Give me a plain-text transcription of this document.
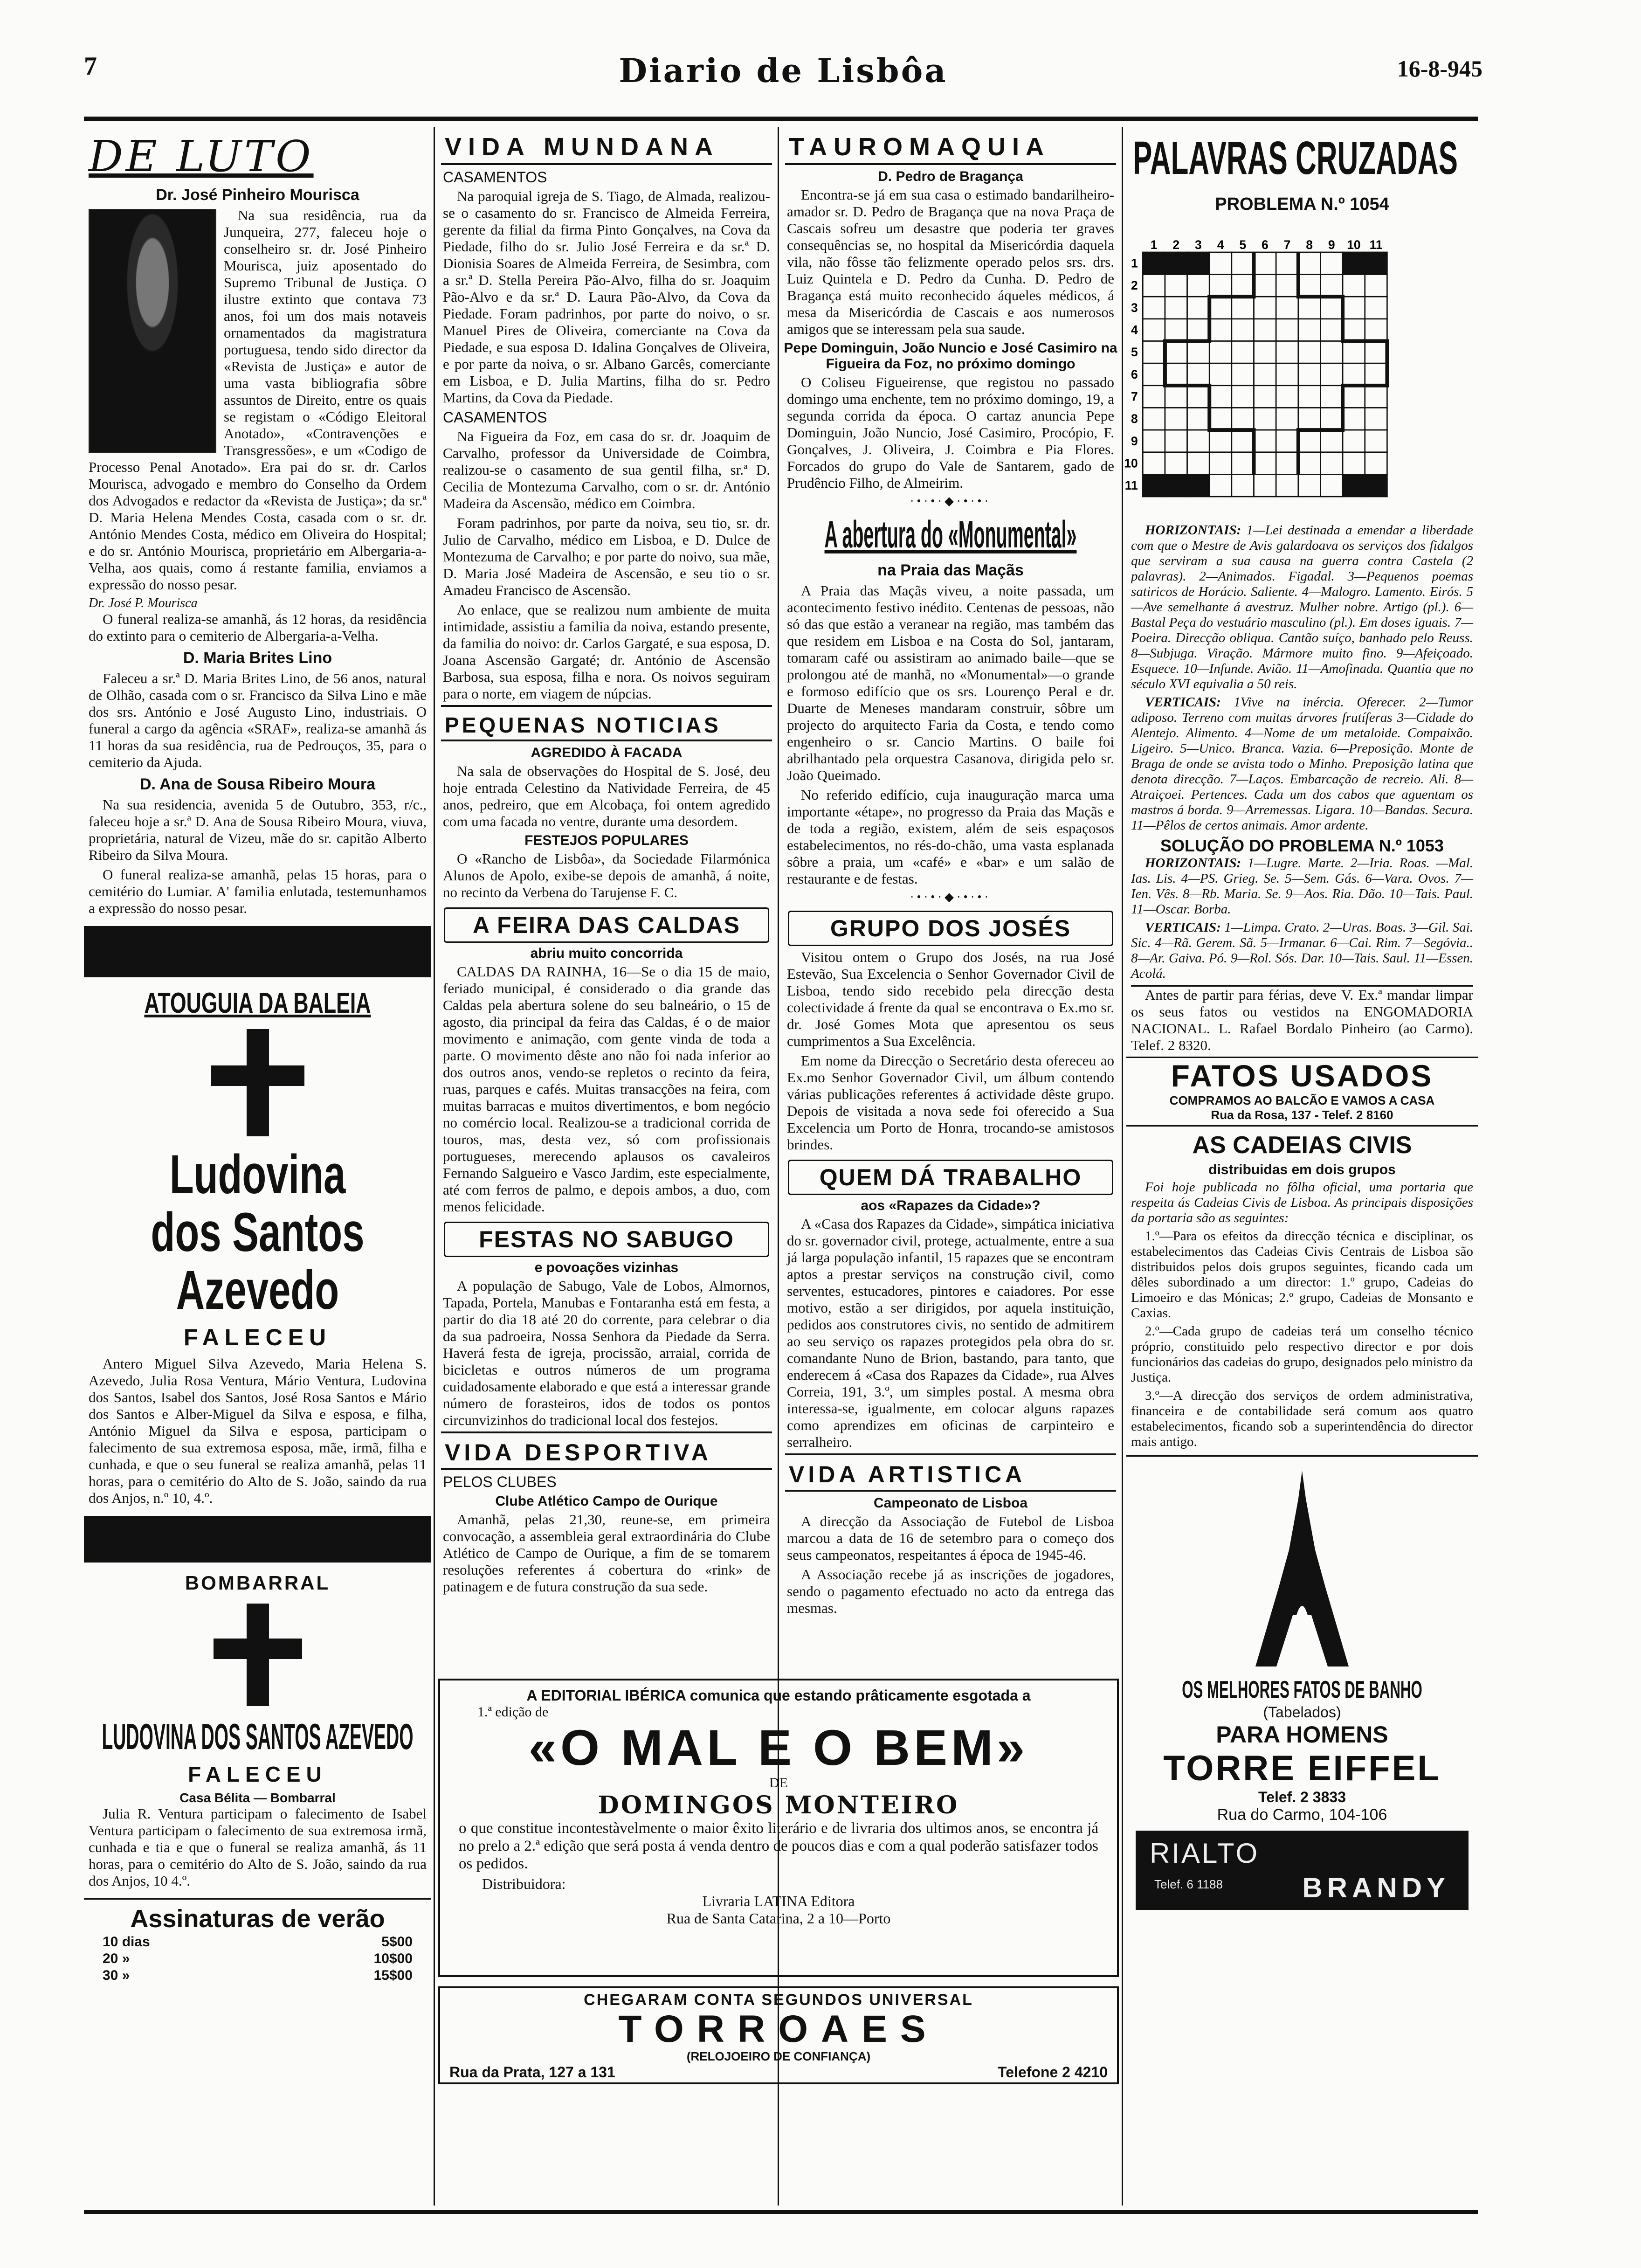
7	Diario de Lisbôa	16-8-945
DE LUTO
Dr. José Pinheiro Mourisca

Na sua residência, rua da Junqueira, 277, faleceu hoje o conselheiro sr. dr. José Pinheiro Mourisca, juiz aposentado do Supremo Tribunal de Justiça. O ilustre extinto que contava 73 anos, foi um dos mais notaveis ornamentados da magistratura portuguesa, tendo sido director da «Revista de Justiça» e autor de uma vasta bibliografia sôbre assuntos de Direito, entre os quais se registam o «Código Eleitoral Anotado», «Contravenções e Transgressões», e um «Codigo de Processo Penal Anotado». Era pai do sr. dr. Carlos Mourisca, advogado e membro do Conselho da Ordem dos Advogados e redactor da «Revista de Justiça»; da sr.ª D. Maria Helena Mendes Costa, casada com o sr. dr. António Mendes Costa, médico em Oliveira do Hospital; e do sr. António Mourisca, proprietário em Albergaria-a-Velha, aos quais, como á restante familia, enviamos a expressão do nosso pesar.

Dr. José P. Mourisca

O funeral realiza-se amanhã, ás 12 horas, da residência do extinto para o cemiterio de Albergaria-a-Velha.

D. Maria Brites Lino

Faleceu a sr.ª D. Maria Brites Lino, de 56 anos, natural de Olhão, casada com o sr. Francisco da Silva Lino e mãe dos srs. António e José Augusto Lino, industriais. O funeral a cargo da agência «SRAF», realiza-se amanhã ás 11 horas da sua residência, rua de Pedrouços, 35, para o cemiterio da Ajuda.

D. Ana de Sousa Ribeiro Moura

Na sua residencia, avenida 5 de Outubro, 353, r/c., faleceu hoje a sr.ª D. Ana de Sousa Ribeiro Moura, viuva, proprietária, natural de Vizeu, mãe do sr. capitão Alberto Ribeiro da Silva Moura.

O funeral realiza-se amanhã, pelas 15 horas, para o cemitério do Lumiar. A' familia enlutada, testemunhamos a expressão do nosso pesar.

ATOUGUIA DA BALEIA
Ludovina dos Santos
Azevedo
FALECEU

Antero Miguel Silva Azevedo, Maria Helena S. Azevedo, Julia Rosa Ventura, Mário Ventura, Ludovina dos Santos, Isabel dos Santos, José Rosa Santos e Mário dos Santos e Alber-Miguel da Silva e esposa, e filha, António Miguel da Silva e esposa, participam o falecimento de sua extremosa esposa, mãe, irmã, filha e cunhada, e que o seu funeral se realiza amanhã, pelas 11 horas, para o cemitério do Alto de S. João, saindo da rua dos Anjos, n.º 10, 4.º.

BOMBARRAL
LUDOVINA DOS SANTOS AZEVEDO
FALECEU
Casa Bélita — Bombarral

Julia R. Ventura participam o falecimento de Isabel Ventura participam o falecimento de sua extremosa irmã, cunhada e tia e que o funeral se realiza amanhã, ás 11 horas, para o cemitério do Alto de S. João, saindo da rua dos Anjos, 10 4.º.

Assinaturas de verão
10 dias	5$00
20 »	10$00
30 »	15$00
VIDA MUNDANA
CASAMENTOS

Na paroquial igreja de S. Tiago, de Almada, realizou-se o casamento do sr. Francisco de Almeida Ferreira, gerente da filial da firma Pinto Gonçalves, na Cova da Piedade, filho do sr. Julio José Ferreira e da sr.ª D. Dionisia Soares de Almeida Ferreira, de Sesimbra, com a sr.ª D. Stella Pereira Pão-Alvo, filha do sr. Joaquim Pão-Alvo e da sr.ª D. Laura Pão-Alvo, da Cova da Piedade. Foram padrinhos, por parte do noivo, o sr. Manuel Pires de Oliveira, comerciante na Cova da Piedade, e sua esposa D. Idalina Gonçalves de Oliveira, e por parte da noiva, o sr. Albano Garcês, comerciante em Lisboa, e D. Julia Martins, filha do sr. Pedro Martins, da Cova da Piedade.

CASAMENTOS

Na Figueira da Foz, em casa do sr. dr. Joaquim de Carvalho, professor da Universidade de Coimbra, realizou-se o casamento de sua gentil filha, sr.ª D. Cecilia de Montezuma Carvalho, com o sr. dr. António Madeira da Ascensão, médico em Coimbra.

Foram padrinhos, por parte da noiva, seu tio, sr. dr. Julio de Carvalho, médico em Lisboa, e D. Dulce de Montezuma de Carvalho; e por parte do noivo, sua mãe, D. Maria José Madeira de Ascensão, e seu tio o sr. Amadeu Francisco de Ascensão.

Ao enlace, que se realizou num ambiente de muita intimidade, assistiu a familia da noiva, estando presente, da familia do noivo: dr. Carlos Gargaté, e sua esposa, D. Joana Ascensão Gargaté; dr. António de Ascensão Barbosa, sua esposa, filha e nora. Os noivos seguiram para o norte, em viagem de núpcias.

PEQUENAS NOTICIAS
AGREDIDO À FACADA

Na sala de observações do Hospital de S. José, deu hoje entrada Celestino da Natividade Ferreira, de 45 anos, pedreiro, que em Alcobaça, foi ontem agredido com uma facada no ventre, durante uma desordem.

FESTEJOS POPULARES

O «Rancho de Lisbôa», da Sociedade Filarmónica Alunos de Apolo, exibe-se depois de amanhã, á noite, no recinto da Verbena do Tarujense F. C.

A FEIRA DAS CALDAS
abriu muito concorrida

CALDAS DA RAINHA, 16—Se o dia 15 de maio, feriado municipal, é considerado o dia grande das Caldas pela abertura solene do seu balneário, o 15 de agosto, dia principal da feira das Caldas, é o de maior movimento e animação, com gente vinda de toda a parte. O movimento dêste ano não foi nada inferior ao dos outros anos, vendo-se repletos o recinto da feira, ruas, parques e cafés. Muitas transacções na feira, com muitas barracas e muitos divertimentos, e bom negócio no comércio local. Realizou-se a tradicional corrida de touros, mas, desta vez, só com profissionais portugueses, merecendo aplausos os cavaleiros Fernando Salgueiro e Vasco Jardim, este especialmente, até com ferros de palmo, e depois ambos, a duo, com menos felicidade.

FESTAS NO SABUGO
e povoações vizinhas

A população de Sabugo, Vale de Lobos, Almornos, Tapada, Portela, Manubas e Fontaranha está em festa, a partir do dia 18 até 20 do corrente, para celebrar o dia da sua padroeira, Nossa Senhora da Piedade da Serra. Haverá festa de igreja, procissão, arraial, corrida de bicicletas e outros números de um programa cuidadosamente elaborado e que está a interessar grande número de forasteiros, idos de todos os pontos circunvizinhos do tradicional local dos festejos.

VIDA DESPORTIVA
PELOS CLUBES
Clube Atlético Campo de Ourique

Amanhã, pelas 21,30, reune-se, em primeira convocação, a assembleia geral extraordinária do Clube Atlético de Campo de Ourique, a fim de se tomarem resoluções referentes á cobertura do «rink» de patinagem e de futura construção da sua sede.

TAUROMAQUIA
D. Pedro de Bragança

Encontra-se já em sua casa o estimado bandarilheiro-amador sr. D. Pedro de Bragança que na nova Praça de Cascais sofreu um desastre que poderia ter graves consequências se, no hospital da Misericórdia daquela vila, não fôsse tão felizmente operado pelos srs. drs. Luiz Quintela e D. Pedro da Cunha. D. Pedro de Bragança está muito reconhecido áqueles médicos, á mesa da Misericórdia de Cascais e aos numerosos amigos que se interessam pela sua saude.

Pepe Dominguin, João Nuncio e José Casimiro na Figueira da Foz, no próximo domingo

O Coliseu Figueirense, que registou no passado domingo uma enchente, tem no próximo domingo, 19, a segunda corrida da época. O cartaz anuncia Pepe Dominguin, João Nuncio, José Casimiro, Procópio, F. Gonçalves, J. Oliveira, J. Coimbra e Pia Flores. Forcados do grupo do Vale de Santarem, gado de Prudêncio Filho, de Almeirim.

·•·•·◆·•·•·
A abertura do «Monumental»
na Praia das Maçãs

A Praia das Maçãs viveu, a noite passada, um acontecimento festivo inédito. Centenas de pessoas, não só das que estão a veranear na região, mas também das que residem em Lisboa e na Costa do Sol, jantaram, tomaram café ou assistiram ao animado baile—que se prolongou até de manhã, no «Monumental»—o grande e formoso edifício que os srs. Lourenço Peral e dr. Duarte de Meneses mandaram construir, sôbre um projecto do arquitecto Faria da Costa, e tendo como engenheiro o sr. Cancio Martins. O baile foi abrilhantado pela orquestra Casanova, dirigida pelo sr. João Queimado.

No referido edifício, cuja inauguração marca uma importante «étape», no progresso da Praia das Maçãs e de toda a região, existem, além de seis espaçosos estabelecimentos, no rés-do-chão, uma vasta esplanada sôbre a praia, um «café» e «bar» e um salão de restaurante e de festas.

·•·•·◆·•·•·
GRUPO DOS JOSÉS

Visitou ontem o Grupo dos Josés, na rua José Estevão, Sua Excelencia o Senhor Governador Civil de Lisboa, tendo sido recebido pela direcção desta colectividade á frente da qual se encontrava o Ex.mo sr. dr. José Gomes Mota que apresentou os seus cumprimentos a Sua Excelência.

Em nome da Direcção o Secretário desta ofereceu ao Ex.mo Senhor Governador Civil, um álbum contendo várias publicações referentes á actividade dêste grupo. Depois de visitada a nova sede foi oferecido a Sua Excelencia um Porto de Honra, trocando-se amistosos brindes.

QUEM DÁ TRABALHO
aos «Rapazes da Cidade»?

A «Casa dos Rapazes da Cidade», simpática iniciativa do sr. governador civil, protege, actualmente, entre a sua já larga população infantil, 15 rapazes que se encontram aptos a prestar serviços na construção civil, como serventes, estucadores, pintores e caiadores. Por esse motivo, estão a ser dirigidos, por aquela instituição, pedidos aos construtores civis, no sentido de admitirem ao seu serviço os rapazes protegidos pela obra do sr. comandante Nuno de Brion, bastando, para tanto, que enderecem á «Casa dos Rapazes da Cidade», rua Alves Correia, 191, 3.º, um simples postal. A mesma obra interessa-se, igualmente, em colocar alguns rapazes como aprendizes em oficinas de carpinteiro e serralheiro.

VIDA ARTISTICA
Campeonato de Lisboa

A direcção da Associação de Futebol de Lisboa marcou a data de 16 de setembro para o começo dos seus campeonatos, respeitantes á época de 1945-46.

A Associação recebe já as inscrições de jogadores, sendo o pagamento efectuado no acto da entrega das mesmas.

A EDITORIAL IBÉRICA comunica que estando prâticamente esgotada a
1.ª edição de
«O MAL E O BEM»
DE
DOMINGOS MONTEIRO

o que constitue incontestàvelmente o maior êxito literário e de livraria dos ultimos anos, se encontra já no prelo a 2.ª edição que será posta á venda dentro de poucos dias e com a qual poderão satisfazer todos os pedidos.

Distribuidora:
Livraria LATINA Editora
Rua de Santa Catarina, 2 a 10—Porto
CHEGARAM CONTA SEGUNDOS UNIVERSAL
TORROAES
(RELOJOEIRO DE CONFIANÇA)
Rua da Prata, 127 a 131	Telefone 2 4210
PALAVRAS CRUZADAS
PROBLEMA N.º 1054
1
1
2
2
3
3
4
4
5
5
6
6
7
7
8
8
9
9
10
10
11
11

HORIZONTAIS: 1—Lei destinada a emendar a liberdade com que o Mestre de Avis galardoava os serviços dos fidalgos que serviram a sua causa na guerra contra Castela (2 palavras). 2—Animados. Figadal. 3—Pequenos poemas satiricos de Horácio. Saliente. 4—Malogro. Lamento. Eirós. 5—Ave semelhante á avestruz. Mulher nobre. Artigo (pl.). 6—Bastal Peça do vestuário masculino (pl.). Em doses iguais. 7—Poeira. Direcção obliqua. Cantão suíço, banhado pelo Reuss. 8—Subjuga. Viração. Mármore muito fino. 9—Afeiçoado. Esquece. 10—Infunde. Avião. 11—Amofinada. Quantia que no século XVI equivalia a 50 reis.

VERTICAIS: 1Vive na inércia. Oferecer. 2—Tumor adiposo. Terreno com muitas árvores frutíferas 3—Cidade do Alentejo. Alimento. 4—Nome de um metaloide. Compaixão. Ligeiro. 5—Unico. Branca. Vazia. 6—Preposição. Monte de Braga de onde se avista todo o Minho. Preposição latina que denota direcção. 7—Laços. Embarcação de recreio. Ali. 8—Atraiçoei. Pertences. Cada um dos cabos que aguentam os mastros á borda. 9—Arremessas. Ligara. 10—Bandas. Secura. 11—Pêlos de certos animais. Amor ardente.

SOLUÇÃO DO PROBLEMA N.º 1053

HORIZONTAIS: 1—Lugre. Marte. 2—Iria. Roas. —Mal. Ias. Lis. 4—PS. Grieg. Se. 5—Sem. Gás. 6—Vara. Ovos. 7—Ien. Vês. 8—Rb. Maria. Se. 9—Aos. Ria. Dão. 10—Tais. Paul. 11—Oscar. Borba.

VERTICAIS: 1—Limpa. Crato. 2—Uras. Boas. 3—Gil. Sai. Sic. 4—Rã. Gerem. Sã. 5—Irmanar. 6—Cai. Rim. 7—Segóvia.. 8—Ar. Gaiva. Pó. 9—Rol. Sós. Dar. 10—Tais. Saul. 11—Essen. Acolá.

Antes de partir para férias, deve V. Ex.ª mandar limpar os seus fatos ou vestidos na ENGOMADORIA NACIONAL. L. Rafael Bordalo Pinheiro (ao Carmo). Telef. 2 8320.

FATOS USADOS
COMPRAMOS AO BALCÃO E VAMOS A CASA
Rua da Rosa, 137 - Telef. 2 8160
AS CADEIAS CIVIS
distribuidas em dois grupos

Foi hoje publicada no fôlha oficial, uma portaria que respeita ás Cadeias Civis de Lisboa. As principais disposições da portaria são as seguintes:

1.º—Para os efeitos da direcção técnica e disciplinar, os estabelecimentos das Cadeias Civis Centrais de Lisboa são distribuidos pelos dois grupos seguintes, ficando cada um dêles subordinado a um director: 1.º grupo, Cadeias do Limoeiro e das Mónicas; 2.º grupo, Cadeias de Monsanto e Caxias.

2.º—Cada grupo de cadeias terá um conselho técnico próprio, constituido pelo respectivo director e por dois funcionários das cadeias do grupo, designados pelo ministro da Justiça.

3.º—A direcção dos serviços de ordem administrativa, financeira e de contabilidade será comum aos quatro estabelecimentos, ficando sob a superintendência do director mais antigo.

OS MELHORES FATOS DE BANHO
(Tabelados)
PARA HOMENS
TORRE EIFFEL
Telef. 2 3833
Rua do Carmo, 104-106
RIALTO
Telef. 6 1188	BRANDY
